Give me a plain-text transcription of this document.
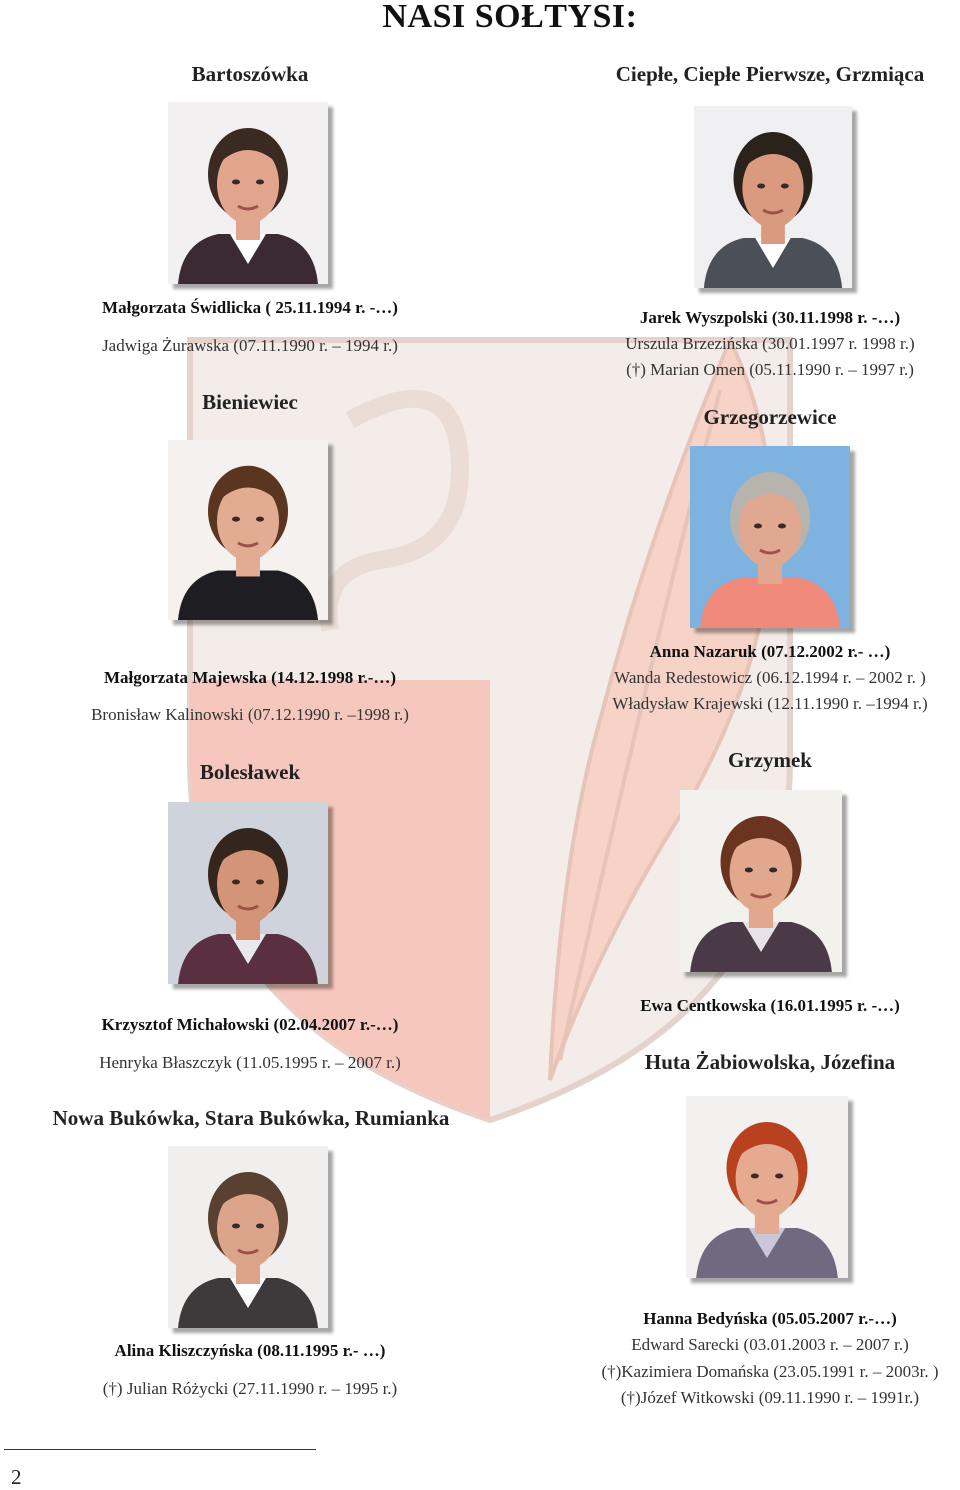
NASI SOŁTYSI:
Bartoszówka
Małgorzata Świdlicka ( 25.11.1994 r. -…)
Jadwiga Żurawska (07.11.1990 r. – 1994 r.)
Ciepłe, Ciepłe Pierwsze, Grzmiąca
Jarek Wyszpolski (30.11.1998 r. -…)
Urszula Brzezińska (30.01.1997 r. 1998 r.)
(†) Marian Omen (05.11.1990 r. – 1997 r.)
Bieniewiec
Małgorzata Majewska (14.12.1998 r.-…)
Bronisław Kalinowski (07.12.1990 r. –1998 r.)
Grzegorzewice
Anna Nazaruk (07.12.2002 r.- …)
Wanda Redestowicz (06.12.1994 r. – 2002 r. )
Władysław Krajewski (12.11.1990 r. –1994 r.)
Bolesławek
Krzysztof Michałowski (02.04.2007 r.-…)
Henryka Błaszczyk (11.05.1995 r. – 2007 r.)
Grzymek
Ewa Centkowska (16.01.1995 r. -…)
Nowa Bukówka, Stara Bukówka, Rumianka
Alina Kliszczyńska (08.11.1995 r.- …)
(†) Julian Różycki (27.11.1990 r. – 1995 r.)
Huta Żabiowolska, Józefina
Hanna Bedyńska (05.05.2007 r.-…)
Edward Sarecki (03.01.2003 r. – 2007 r.)
(†)Kazimiera Domańska (23.05.1991 r. – 2003r. )
(†)Józef Witkowski (09.11.1990 r. – 1991r.)
2
